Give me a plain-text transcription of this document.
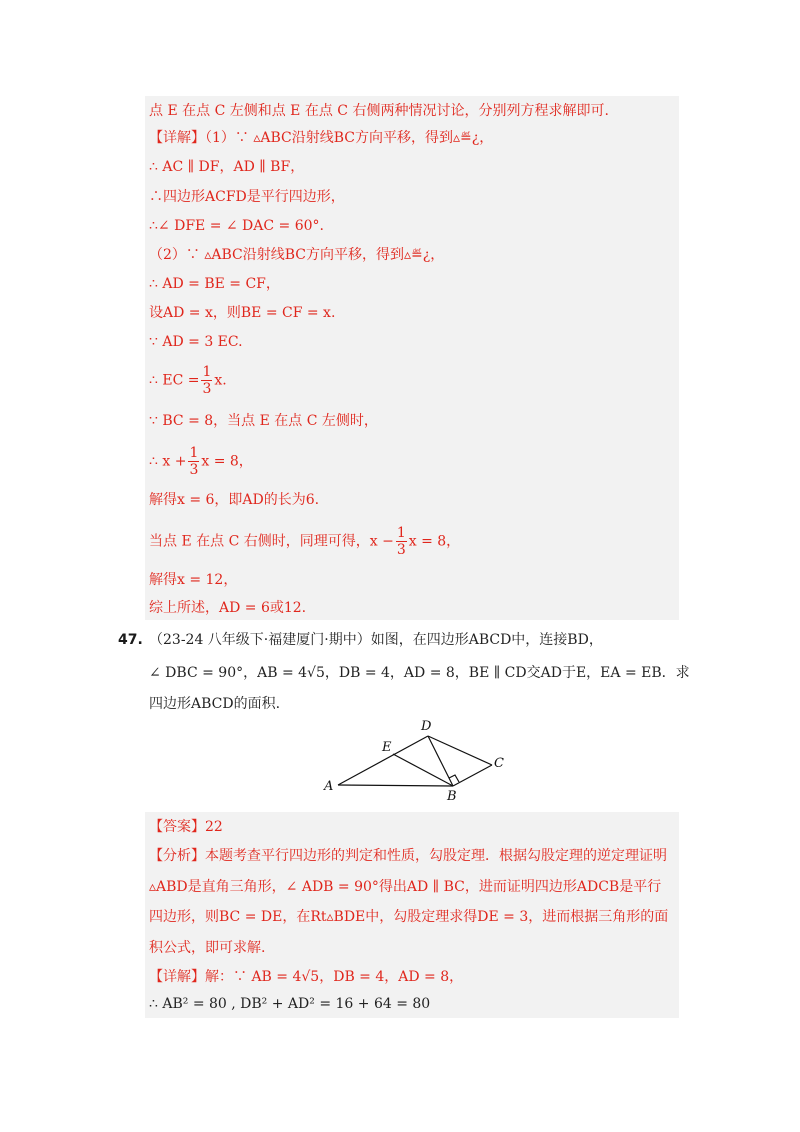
点 E 在点 C 左侧和点 E 在点 C 右侧两种情况讨论，分别列方程求解即可.
【详解】（1）∵ ▵ABC沿射线BC方向平移，得到▵≝¿，
∴ AC ∥ DF，AD ∥ BF，
∴四边形ACFD是平行四边形，
∴∠ DFE = ∠ DAC = 60°.
（2）∵ ▵ABC沿射线BC方向平移，得到▵≝¿，
∴ AD = BE = CF，
设AD = x，则BE = CF = x.
∵ AD = 3 EC.
∴ EC = $\frac{1}{3} x$.
∵ BC = 8，当点 E 在点 C 左侧时，
∴ $x + \frac{1}{3}$ x = 8，
解得x = 6，即AD的长为6.
当点 E 在点 C 右侧时，同理可得，$x - \frac{1}{3}$ x = 8，
解得x = 12，
综上所述，AD = 6或12.
47. （23-24 八年级下·福建厦门·期中）如图，在四边形ABCD中，连接BD，
∠ DBC = 90°，AB = 4√5，DB = 4，AD = 8，BE ∥ CD交AD于E，EA = EB．求
四边形ABCD的面积.
A
B
C
D
E
【答案】22
【分析】本题考查平行四边形的判定和性质，勾股定理．根据勾股定理的逆定理证明
▵ABD是直角三角形，∠ ADB = 90°得出AD ∥ BC，进而证明四边形ADCB是平行
四边形，则BC = DE，在Rt▵BDE中，勾股定理求得DE = 3，进而根据三角形的面
积公式，即可求解.
【详解】解：∵ AB = 4√5，DB = 4，AD = 8，
∴ AB² = 80 , DB² + AD² = 16 + 64 = 80
